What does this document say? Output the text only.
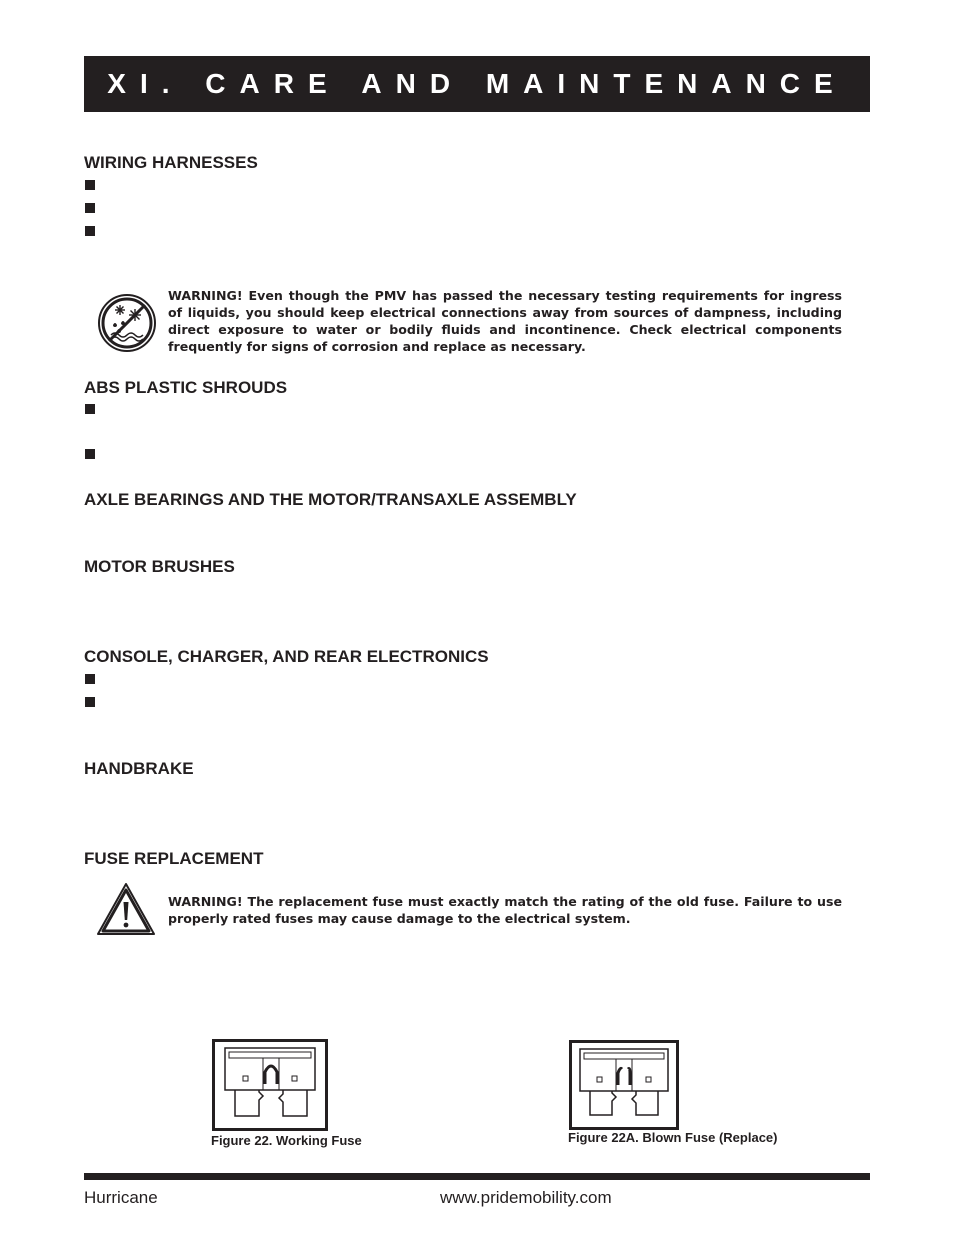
XI. CARE AND MAINTENANCE
WIRING HARNESSES

WARNING! Even though the PMV has passed the necessary testing requirements for ingress of liquids, you should keep electrical connections away from sources of dampness, including direct exposure to water or bodily fluids and incontinence. Check electrical components frequently for signs of corrosion and replace as necessary.

ABS PLASTIC SHROUDS
AXLE BEARINGS AND THE MOTOR/TRANSAXLE ASSEMBLY
MOTOR BRUSHES
CONSOLE, CHARGER, AND REAR ELECTRONICS
HANDBRAKE
FUSE REPLACEMENT

WARNING! The replacement fuse must exactly match the rating of the old fuse. Failure to use properly rated fuses may cause damage to the electrical system.

Figure 22. Working Fuse	Figure 22A. Blown Fuse (Replace)
Hurricane	www.pridemobility.com
